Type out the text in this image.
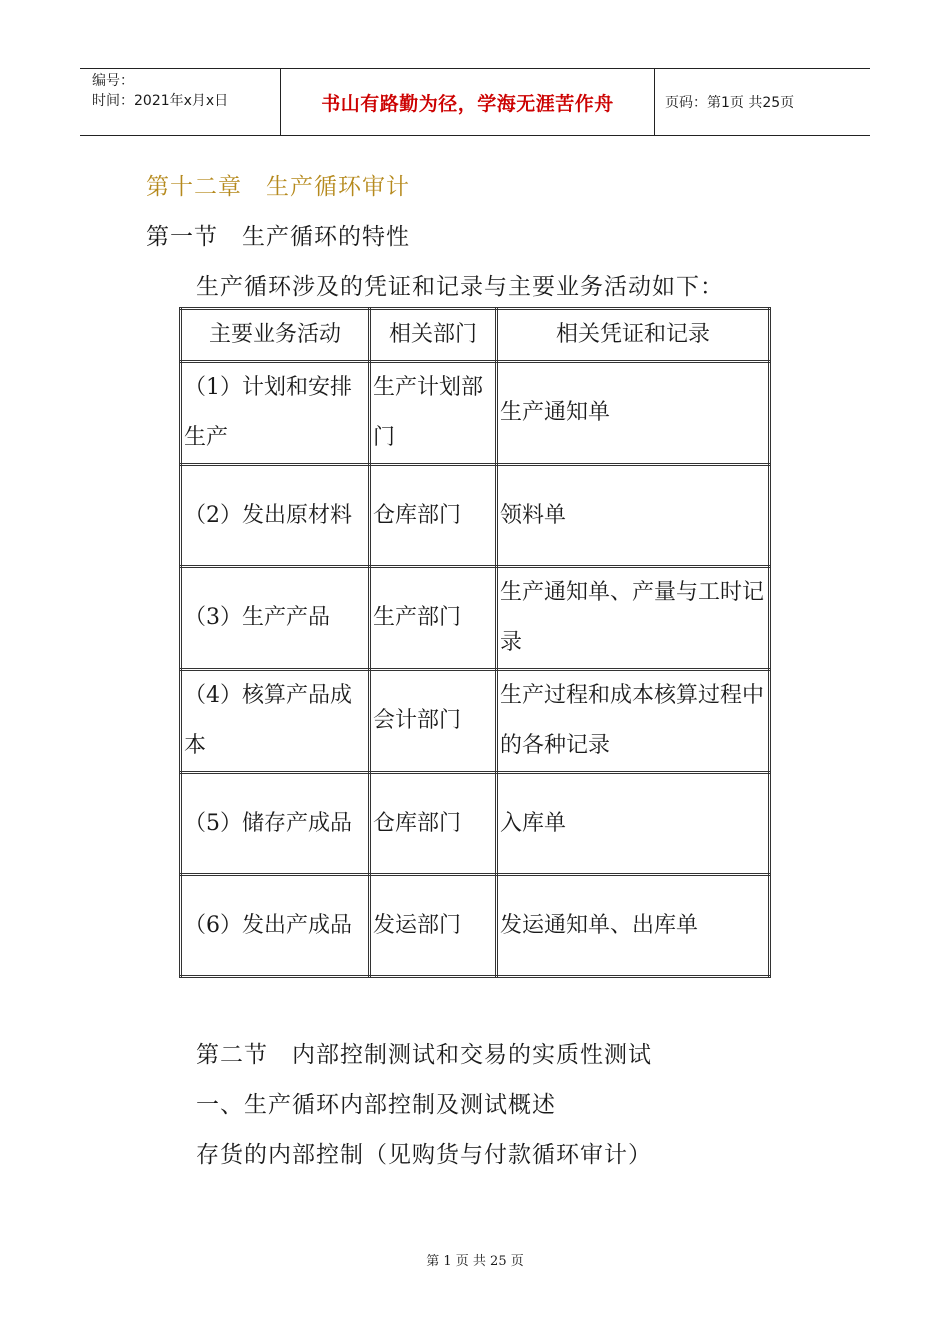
编号：
时间：2021年x月x日	书山有路勤为径，学海无涯苦作舟	页码：第1页 共25页
第十二章　生产循环审计
第一节　生产循环的特性
生产循环涉及的凭证和记录与主要业务活动如下：
主要业务活动	相关部门	相关凭证和记录
（1）计划和安排生产	生产计划部门	生产通知单
（2）发出原材料	仓库部门	领料单
（3）生产产品	生产部门	生产通知单、产量与工时记录
（4）核算产品成本	会计部门	生产过程和成本核算过程中的各种记录
（5）储存产成品	仓库部门	入库单
（6）发出产成品	发运部门	发运通知单、出库单
第二节　内部控制测试和交易的实质性测试
一、生产循环内部控制及测试概述
存货的内部控制（见购货与付款循环审计）
第 1 页 共 25 页
